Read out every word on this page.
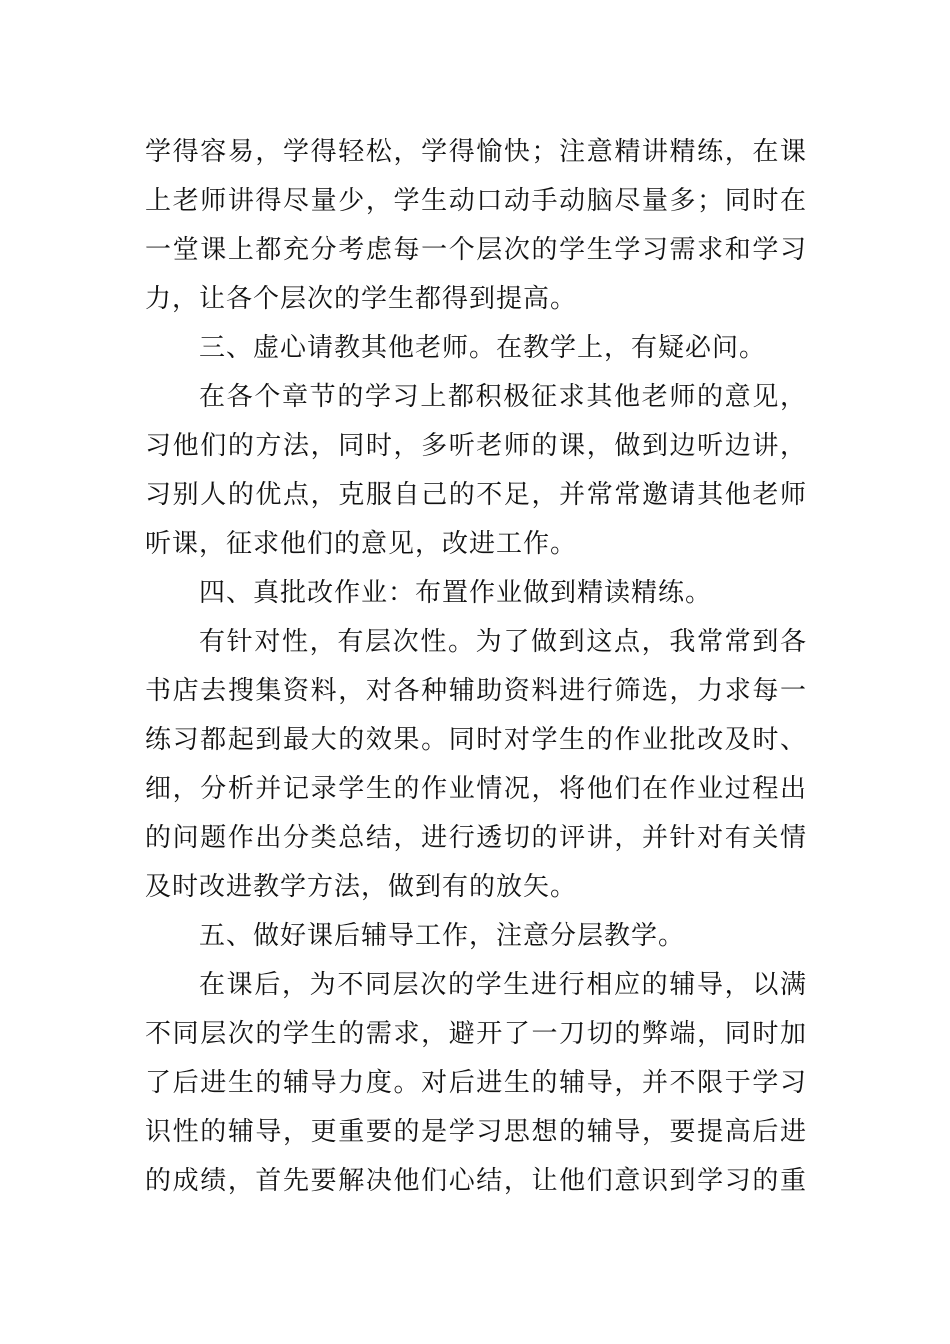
学得容易，学得轻松，学得愉快；注意精讲精练，在课
上老师讲得尽量少，学生动口动手动脑尽量多；同时在
一堂课上都充分考虑每一个层次的学生学习需求和学习
力，让各个层次的学生都得到提高。
三、虚心请教其他老师。在教学上，有疑必问。
在各个章节的学习上都积极征求其他老师的意见，
习他们的方法，同时，多听老师的课，做到边听边讲，
习别人的优点，克服自己的不足，并常常邀请其他老师
听课，征求他们的意见，改进工作。
四、真批改作业：布置作业做到精读精练。
有针对性，有层次性。为了做到这点，我常常到各
书店去搜集资料，对各种辅助资料进行筛选，力求每一
练习都起到最大的效果。同时对学生的作业批改及时、
细，分析并记录学生的作业情况，将他们在作业过程出
的问题作出分类总结，进行透切的评讲，并针对有关情
及时改进教学方法，做到有的放矢。
五、做好课后辅导工作，注意分层教学。
在课后，为不同层次的学生进行相应的辅导，以满
不同层次的学生的需求，避开了一刀切的弊端，同时加
了后进生的辅导力度。对后进生的辅导，并不限于学习
识性的辅导，更重要的是学习思想的辅导，要提高后进
的成绩，首先要解决他们心结，让他们意识到学习的重
